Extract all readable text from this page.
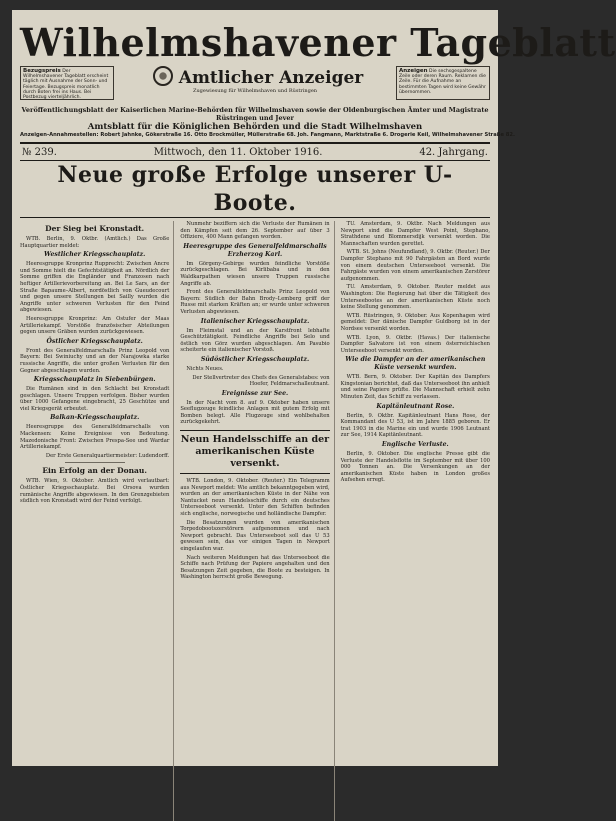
Wilhelmshavener Tageblatt
Bezugspreis Der Wilhelmshavener Tageblatt erscheint täglich mit Ausnahme der Sonn- und Feiertage. Bezugspreis monatlich durch Boten frei ins Haus. Bei Postbezug vierteljährlich.
Amtlicher Anzeiger
Zugewiesung für Wilhelmshaven und Rüstringen
Anzeigen Die sechsgespaltene Zeile oder deren Raum. Reklamen die Zeile. Für die Aufnahme an bestimmten Tagen wird keine Gewähr übernommen.
Veröffentlichungsblatt der Kaiserlichen Marine-Behörden für Wilhelmshaven sowie der Oldenburgischen Ämter und Magistrate Rüstringen und Jever
Amtsblatt für die Königlichen Behörden und die Stadt Wilhelmshaven
Anzeigen-Annahmestellen: Robert Jahnke, Gökerstraße 16. Otto Brockmüller, Müllerstraße 68. Joh. Fangmann, Marktstraße 6. Drogerie Keil, Wilhelmshavener Straße 82.
№ 239.	Mittwoch, den 11. Oktober 1916.	42. Jahrgang.
Neue große Erfolge unserer U-Boote.
Der Sieg bei Kronstadt.

WTB. Berlin, 9. Oktbr. (Amtlich.) Das Große Hauptquartier meldet:

Westlicher Kriegsschauplatz.

Heeresgruppe Kronprinz Rupprecht: Zwischen Ancre und Somme hielt die Gefechtstätigkeit an. Nördlich der Somme griffen die Engländer und Franzosen nach heftiger Artillerievorbereitung an. Bei Le Sars, an der Straße Bapaume–Albert, nordöstlich von Gueudecourt und gegen unsere Stellungen bei Sailly wurden die Angriffe unter schweren Verlusten für den Feind abgewiesen.

Heeresgruppe Kronprinz: Am Ostufer der Maas Artilleriekampf. Vorstöße französischer Abteilungen gegen unsere Gräben wurden zurückgewiesen.

Östlicher Kriegsschauplatz.

Front des Generalfeldmarschalls Prinz Leopold von Bayern: Bei Swiniuchy und an der Narajowka starke russische Angriffe, die unter großen Verlusten für den Gegner abgeschlagen wurden.

Kriegsschauplatz in Siebenbürgen.

Die Rumänen sind in den Schlacht bei Kronstadt geschlagen. Unsere Truppen verfolgen. Bisher wurden über 1000 Gefangene eingebracht, 25 Geschütze und viel Kriegsgerät erbeutet.

Balkan-Kriegsschauplatz.

Heeresgruppe des Generalfeldmarschalls von Mackensen: Keine Ereignisse von Bedeutung. Mazedonische Front: Zwischen Prespa-See und Wardar Artilleriekampf.

Der Erste Generalquartiermeister: Ludendorff.

Ein Erfolg an der Donau.

WTB. Wien, 9. Oktober. Amtlich wird verlautbart: Östlicher Kriegsschauplatz. Bei Orsova wurden rumänische Angriffe abgewiesen. In den Grenzgebieten südlich von Kronstadt wird der Feind verfolgt.

Nunmehr beziffern sich die Verluste der Rumänen in den Kämpfen seit dem 26. September auf über 3 Offiziere, 400 Mann gefangen worden.

Heeresgruppe des Generalfeldmarschalls Erzherzog Karl.

Im Görgeny-Gebirge wurden feindliche Vorstöße zurückgeschlagen. Bei Kirlibaba und in den Waldkarpathen wiesen unsere Truppen russische Angriffe ab.

Front des Generalfeldmarschalls Prinz Leopold von Bayern: Südlich der Bahn Brody–Lemberg griff der Russe mit starken Kräften an; er wurde unter schweren Verlusten abgewiesen.

Italienischer Kriegsschauplatz.

Im Fleimstal und an der Karstfront lebhafte Geschütztätigkeit. Feindliche Angriffe bei Selo und östlich von Görz wurden abgeschlagen. Am Pasubio scheiterte ein italienischer Vorstoß.

Südöstlicher Kriegsschauplatz.

Nichts Neues.

Der Stellvertreter des Chefs des Generalstabes: von Hoefer, Feldmarschalleutnant.

Ereignisse zur See.

In der Nacht vom 8. auf 9. Oktober haben unsere Seeflugzeuge feindliche Anlagen mit gutem Erfolg mit Bomben belegt. Alle Flugzeuge sind wohlbehalten zurückgekehrt.

Neun Handelsschiffe an der amerikanischen Küste versenkt.

WTB. London, 9. Oktober. (Reuter.) Ein Telegramm aus Newport meldet: Wie amtlich bekanntgegeben wird, wurden an der amerikanischen Küste in der Nähe von Nantucket neun Handelsschiffe durch ein deutsches Unterseeboot versenkt. Unter den Schiffen befinden sich englische, norwegische und holländische Dampfer.

Die Besatzungen wurden von amerikanischen Torpedobootszerstörern aufgenommen und nach Newport gebracht. Das Unterseeboot soll das U 53 gewesen sein, das vor einigen Tagen in Newport eingelaufen war.

Nach weiteren Meldungen hat das Unterseeboot die Schiffe nach Prüfung der Papiere angehalten und den Besatzungen Zeit gegeben, die Boote zu besteigen. In Washington herrscht große Bewegung.

TU. Amsterdam, 9. Oktbr. Nach Meldungen aus Newport sind die Dampfer West Point, Stephano, Strathdene und Blommersdijk versenkt worden. Die Mannschaften wurden gerettet.

WTB. St. Johns (Neufundland), 9. Oktbr. (Reuter.) Der Dampfer Stephano mit 90 Fahrgästen an Bord wurde von einem deutschen Unterseeboot versenkt. Die Fahrgäste wurden von einem amerikanischen Zerstörer aufgenommen.

TU. Amsterdam, 9. Oktober. Reuter meldet aus Washington: Die Regierung hat über die Tätigkeit des Unterseebootes an der amerikanischen Küste noch keine Stellung genommen.

WTB. Rüstringen, 9. Oktober. Aus Kopenhagen wird gemeldet: Der dänische Dampfer Guldborg ist in der Nordsee versenkt worden.

WTB. Lyon, 9. Oktbr. (Havas.) Der italienische Dampfer Salvatore ist von einem österreichischen Unterseeboot versenkt worden.

Wie die Dampfer an der amerikanischen Küste versenkt wurden.

WTB. Bern, 9. Oktober. Der Kapitän des Dampfers Kingstonian berichtet, daß das Unterseeboot ihn anhielt und seine Papiere prüfte. Die Mannschaft erhielt zehn Minuten Zeit, das Schiff zu verlassen.

Kapitänleutnant Rose.

Berlin, 9. Oktbr. Kapitänleutnant Hans Rose, der Kommandant des U 53, ist im Jahre 1885 geboren. Er trat 1903 in die Marine ein und wurde 1906 Leutnant zur See, 1914 Kapitänleutnant.

Englische Verluste.

Berlin, 9. Oktober. Die englische Presse gibt die Verluste der Handelsflotte im September mit über 100 000 Tonnen an. Die Versenkungen an der amerikanischen Küste haben in London großes Aufsehen erregt.
